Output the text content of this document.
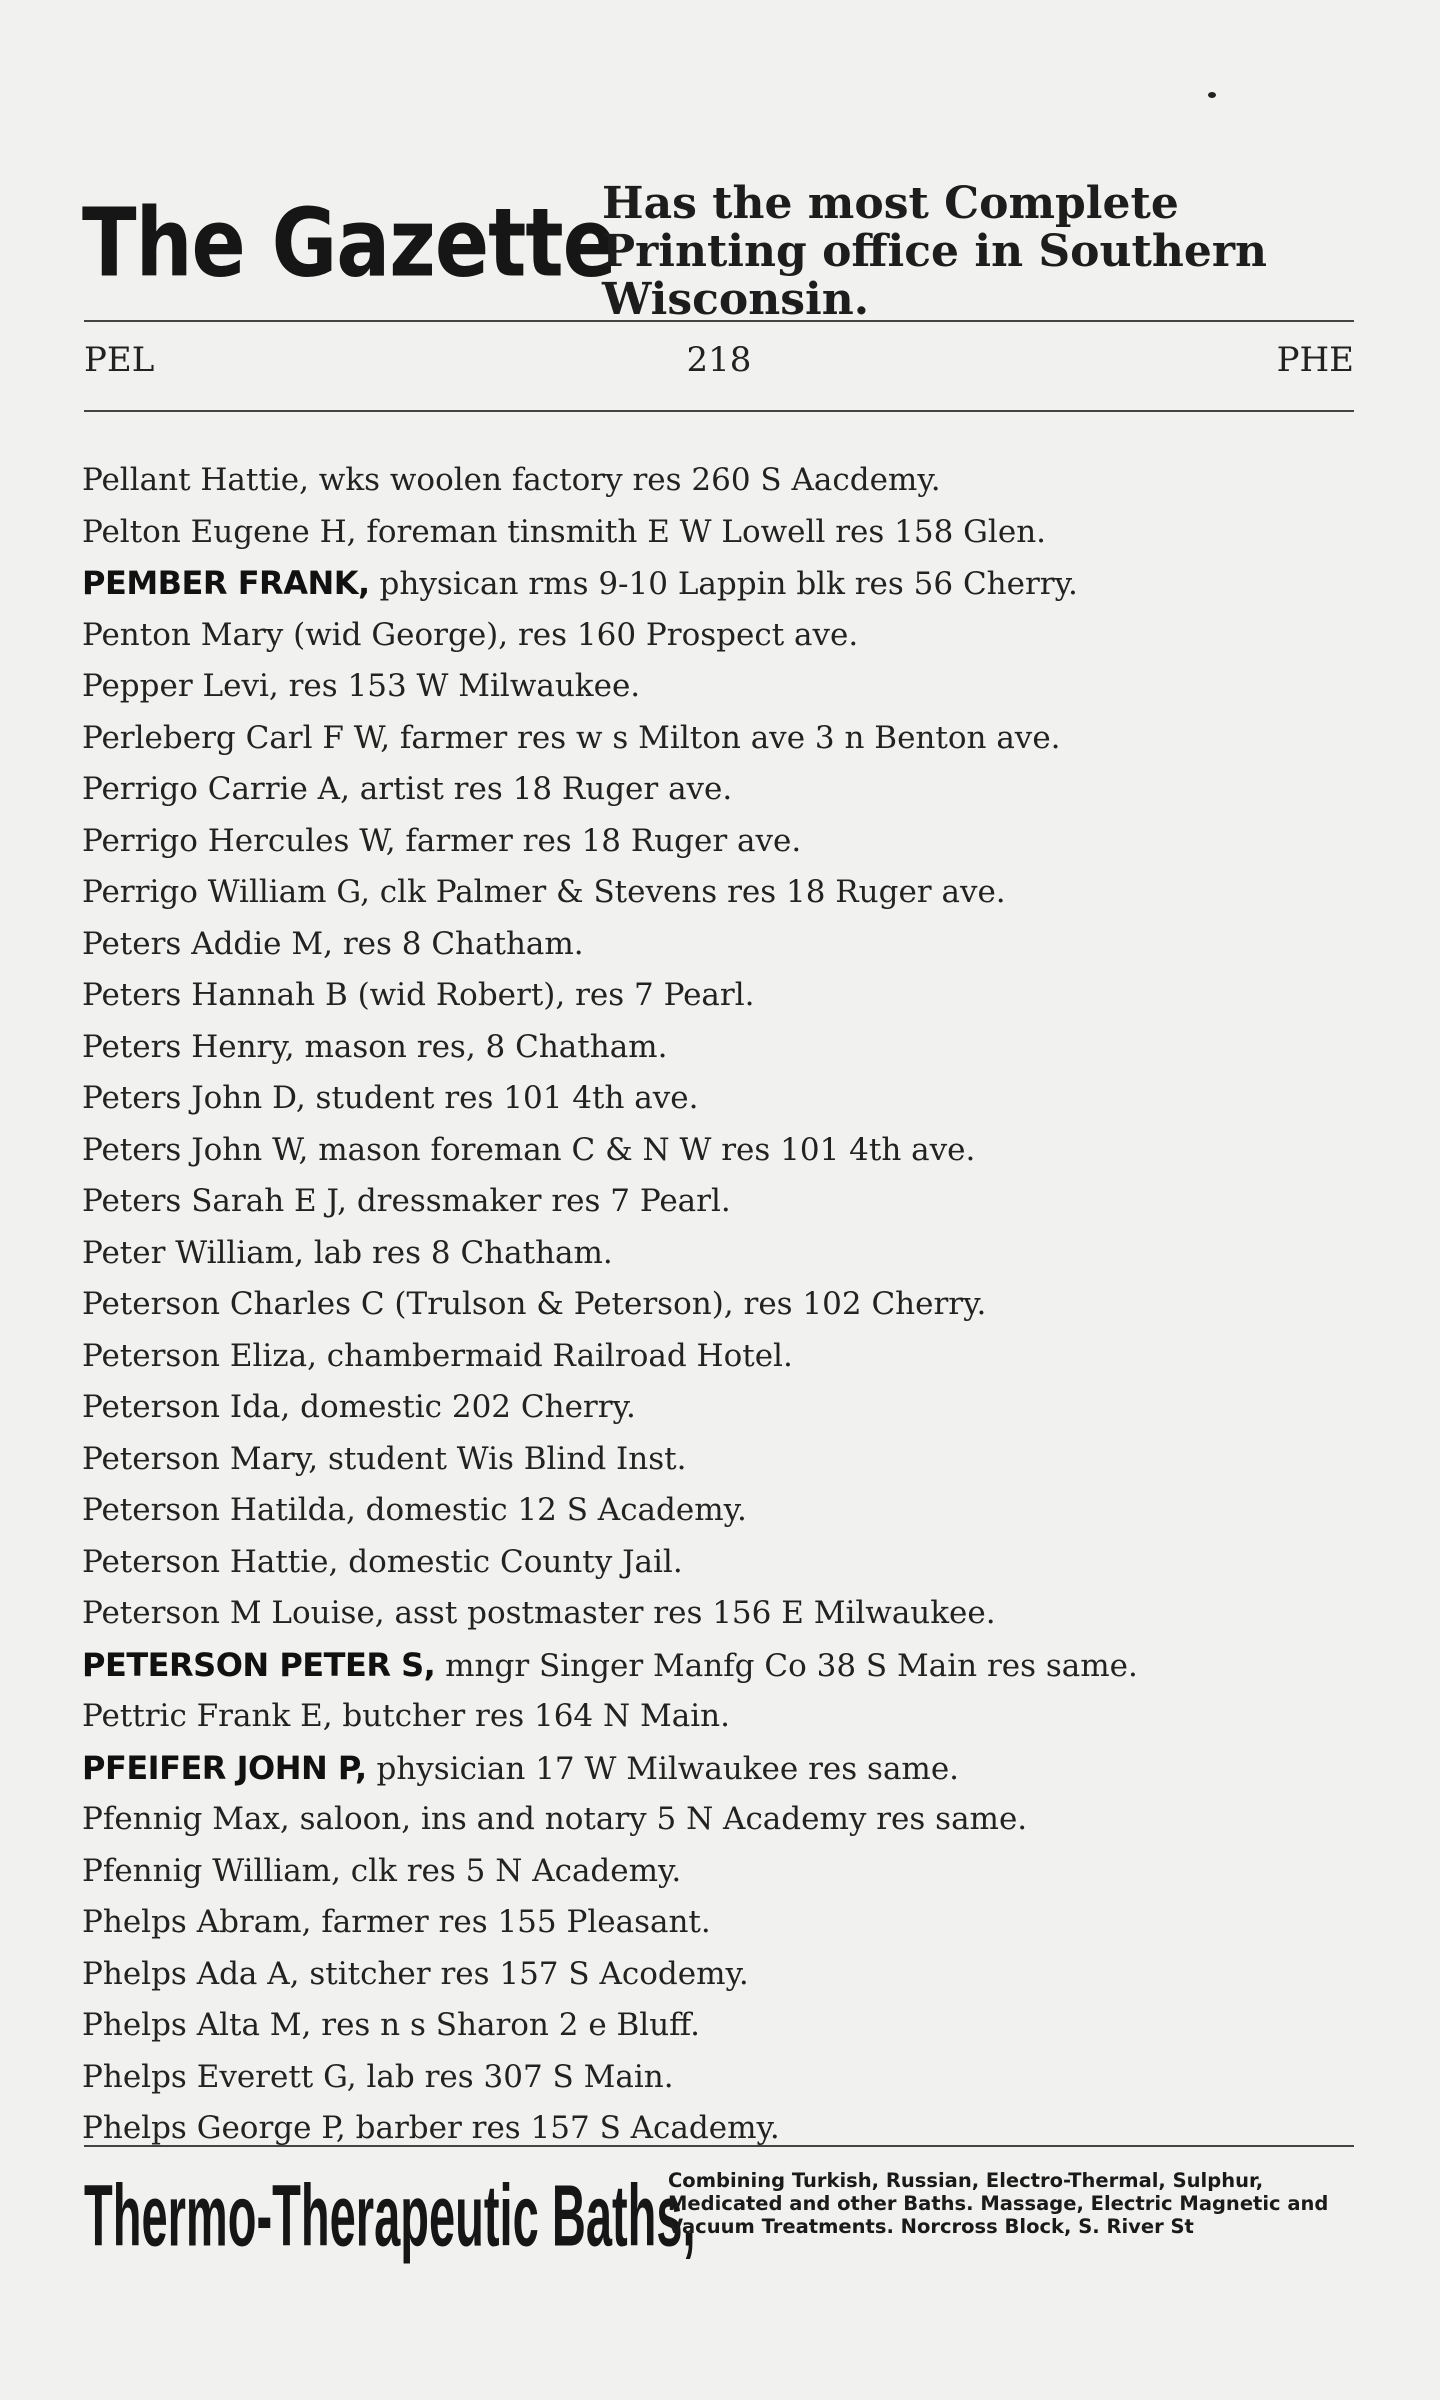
The Gazette
Has the most Complete Printing office in Southern Wisconsin.
PEL	218	PHE
Pellant Hattie, wks woolen factory res 260 S Aacdemy.
Pelton Eugene H, foreman tinsmith E W Lowell res 158 Glen.
PEMBER FRANK, physican rms 9-10 Lappin blk res 56 Cherry.
Penton Mary (wid George), res 160 Prospect ave.
Pepper Levi, res 153 W Milwaukee.
Perleberg Carl F W, farmer res w s Milton ave 3 n Benton ave.
Perrigo Carrie A, artist res 18 Ruger ave.
Perrigo Hercules W, farmer res 18 Ruger ave.
Perrigo William G, clk Palmer & Stevens res 18 Ruger ave.
Peters Addie M, res 8 Chatham.
Peters Hannah B (wid Robert), res 7 Pearl.
Peters Henry, mason res, 8 Chatham.
Peters John D, student res 101 4th ave.
Peters John W, mason foreman C & N W res 101 4th ave.
Peters Sarah E J, dressmaker res 7 Pearl.
Peter William, lab res 8 Chatham.
Peterson Charles C (Trulson & Peterson), res 102 Cherry.
Peterson Eliza, chambermaid Railroad Hotel.
Peterson Ida, domestic 202 Cherry.
Peterson Mary, student Wis Blind Inst.
Peterson Hatilda, domestic 12 S Academy.
Peterson Hattie, domestic County Jail.
Peterson M Louise, asst postmaster res 156 E Milwaukee.
PETERSON PETER S, mngr Singer Manfg Co 38 S Main res same.
Pettric Frank E, butcher res 164 N Main.
PFEIFER JOHN P, physician 17 W Milwaukee res same.
Pfennig Max, saloon, ins and notary 5 N Academy res same.
Pfennig William, clk res 5 N Academy.
Phelps Abram, farmer res 155 Pleasant.
Phelps Ada A, stitcher res 157 S Acodemy.
Phelps Alta M, res n s Sharon 2 e Bluff.
Phelps Everett G, lab res 307 S Main.
Phelps George P, barber res 157 S Academy.
Thermo-Therapeutic Baths,
Combining Turkish, Russian, Electro-Thermal, Sulphur, Medicated and other Baths. Massage, Electric Magnetic and Vacuum Treatments. Norcross Block, S. River St
